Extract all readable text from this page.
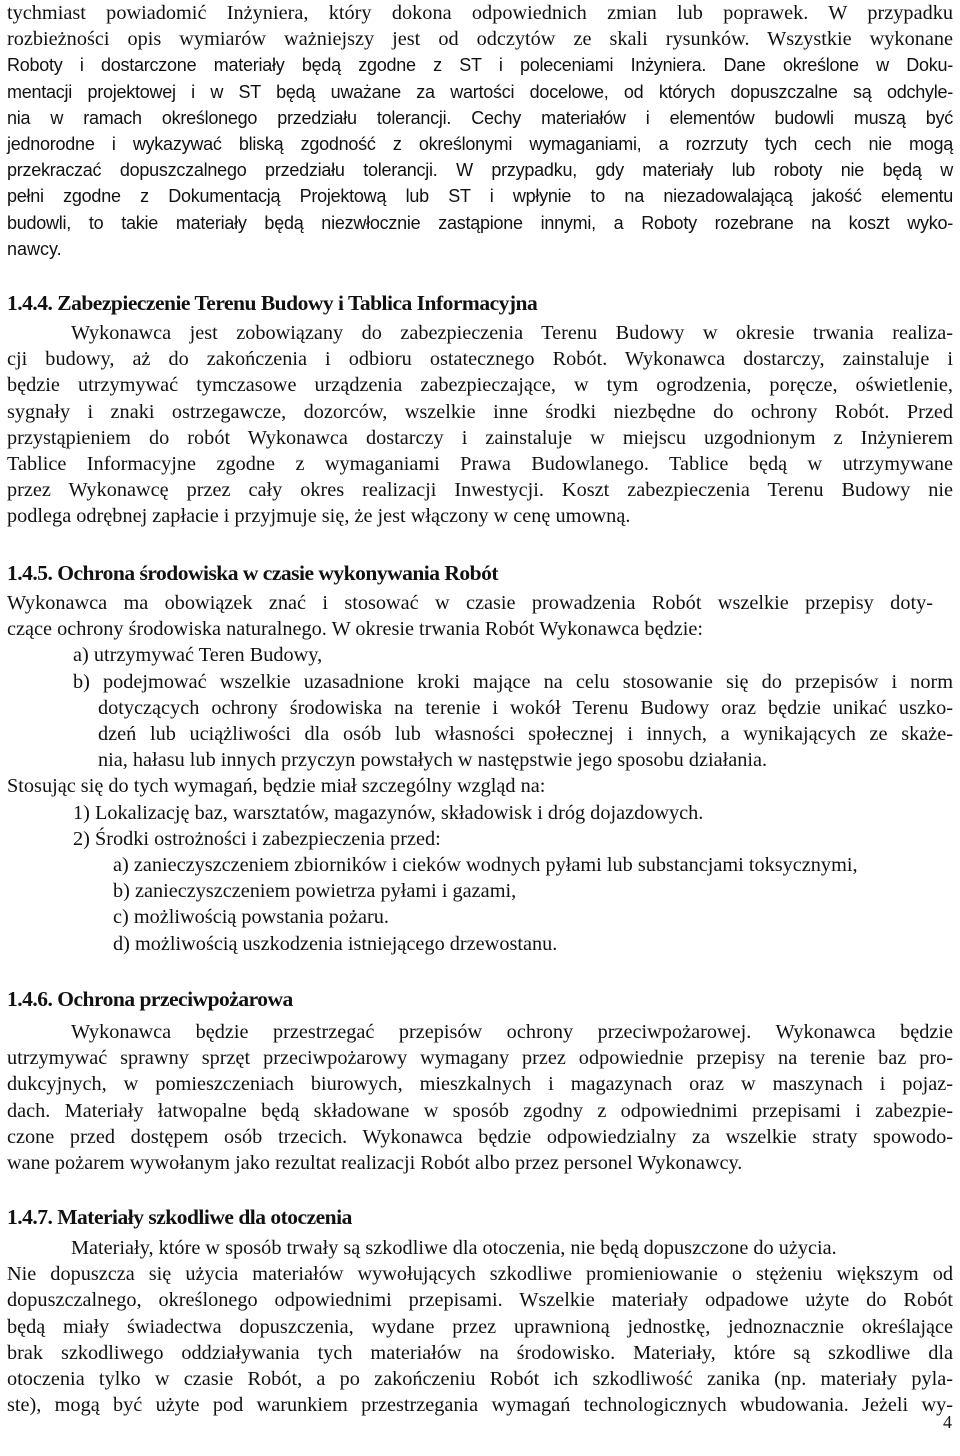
tychmiast powiadomić Inżyniera, który dokona odpowiednich zmian lub poprawek. W przypadku
rozbieżności opis wymiarów ważniejszy jest od odczytów ze skali rysunków. Wszystkie wykonane
Roboty i dostarczone materiały będą zgodne z ST i poleceniami Inżyniera. Dane określone w Doku-
mentacji projektowej i w ST będą uważane za wartości docelowe, od których dopuszczalne są odchyle-
nia w ramach określonego przedziału tolerancji. Cechy materiałów i elementów budowli muszą być
jednorodne i wykazywać bliską zgodność z określonymi wymaganiami, a rozrzuty tych cech nie mogą
przekraczać dopuszczalnego przedziału tolerancji. W przypadku, gdy materiały lub roboty nie będą w
pełni zgodne z Dokumentacją Projektową lub ST i wpłynie to na niezadowalającą jakość elementu
budowli, to takie materiały będą niezwłocznie zastąpione innymi, a Roboty rozebrane na koszt wyko-
nawcy.
1.4.4. Zabezpieczenie Terenu Budowy i Tablica Informacyjna
Wykonawca jest zobowiązany do zabezpieczenia Terenu Budowy w okresie trwania realiza-
cji budowy, aż do zakończenia i odbioru ostatecznego Robót. Wykonawca dostarczy, zainstaluje i
będzie utrzymywać tymczasowe urządzenia zabezpieczające, w tym ogrodzenia, poręcze, oświetlenie,
sygnały i znaki ostrzegawcze, dozorców, wszelkie inne środki niezbędne do ochrony Robót. Przed
przystąpieniem do robót Wykonawca dostarczy i zainstaluje w miejscu uzgodnionym z Inżynierem
Tablice Informacyjne zgodne z wymaganiami Prawa Budowlanego. Tablice będą w utrzymywane
przez Wykonawcę przez cały okres realizacji Inwestycji. Koszt zabezpieczenia Terenu Budowy nie
podlega odrębnej zapłacie i przyjmuje się, że jest włączony w cenę umowną.
1.4.5. Ochrona środowiska w czasie wykonywania Robót
Wykonawca ma obowiązek znać i stosować w czasie prowadzenia Robót wszelkie przepisy doty-
czące ochrony środowiska naturalnego. W okresie trwania Robót Wykonawca będzie:
a) utrzymywać Teren Budowy,
b) podejmować wszelkie uzasadnione kroki mające na celu stosowanie się do przepisów i norm
dotyczących ochrony środowiska na terenie i wokół Terenu Budowy oraz będzie unikać uszko-
dzeń lub uciążliwości dla osób lub własności społecznej i innych, a wynikających ze skaże-
nia, hałasu lub innych przyczyn powstałych w następstwie jego sposobu działania.
Stosując się do tych wymagań, będzie miał szczególny wzgląd na:
1) Lokalizację baz, warsztatów, magazynów, składowisk i dróg dojazdowych.
2) Środki ostrożności i zabezpieczenia przed:
a) zanieczyszczeniem zbiorników i cieków wodnych pyłami lub substancjami toksycznymi,
b) zanieczyszczeniem powietrza pyłami i gazami,
c) możliwością powstania pożaru.
d) możliwością uszkodzenia istniejącego drzewostanu.
1.4.6. Ochrona przeciwpożarowa
Wykonawca będzie przestrzegać przepisów ochrony przeciwpożarowej. Wykonawca będzie
utrzymywać sprawny sprzęt przeciwpożarowy wymagany przez odpowiednie przepisy na terenie baz pro-
dukcyjnych, w pomieszczeniach biurowych, mieszkalnych i magazynach oraz w maszynach i pojaz-
dach. Materiały łatwopalne będą składowane w sposób zgodny z odpowiednimi przepisami i zabezpie-
czone przed dostępem osób trzecich. Wykonawca będzie odpowiedzialny za wszelkie straty spowodo-
wane pożarem wywołanym jako rezultat realizacji Robót albo przez personel Wykonawcy.
1.4.7. Materiały szkodliwe dla otoczenia
Materiały, które w sposób trwały są szkodliwe dla otoczenia, nie będą dopuszczone do użycia.
Nie dopuszcza się użycia materiałów wywołujących szkodliwe promieniowanie o stężeniu większym od
dopuszczalnego, określonego odpowiednimi przepisami. Wszelkie materiały odpadowe użyte do Robót
będą miały świadectwa dopuszczenia, wydane przez uprawnioną jednostkę, jednoznacznie określające
brak szkodliwego oddziaływania tych materiałów na środowisko. Materiały, które są szkodliwe dla
otoczenia tylko w czasie Robót, a po zakończeniu Robót ich szkodliwość zanika (np. materiały pyla-
ste), mogą być użyte pod warunkiem przestrzegania wymagań technologicznych wbudowania. Jeżeli wy-
4
